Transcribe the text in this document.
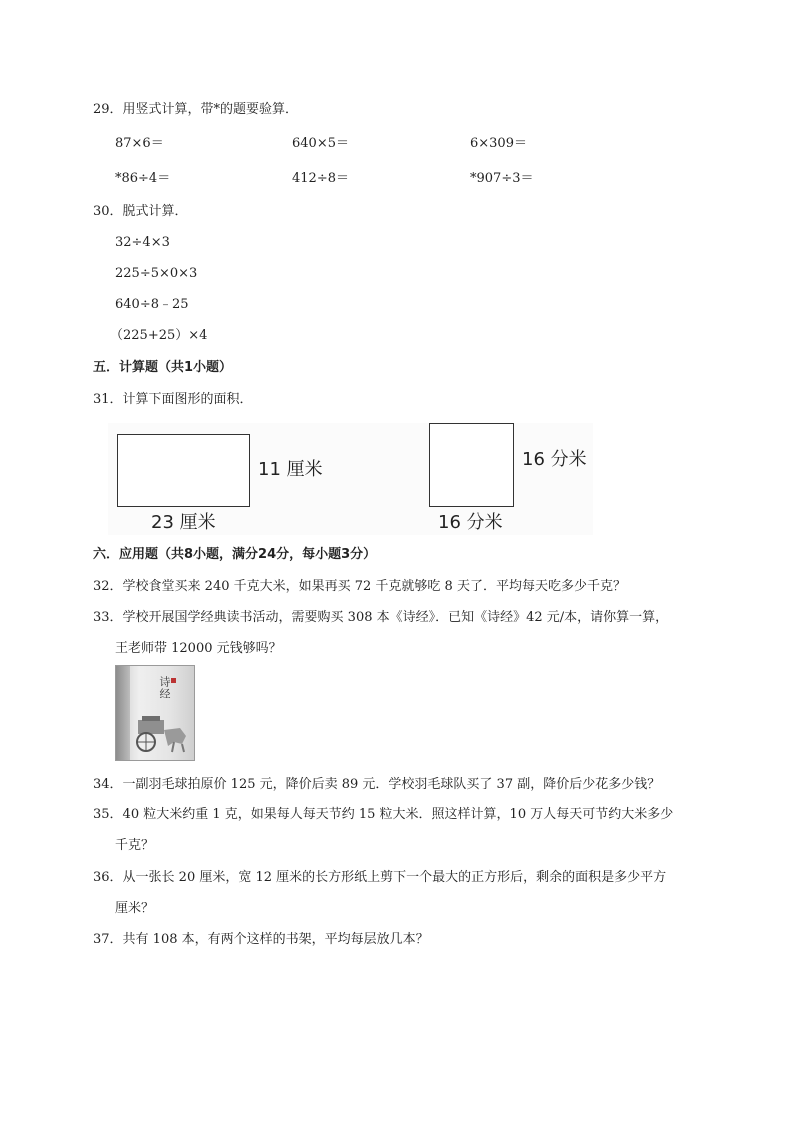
29．用竖式计算，带*的题要验算．
87×6＝	640×5＝	6×309＝
*86÷4＝	412÷8＝	*907÷3＝
30．脱式计算．
32÷4×3
225÷5×0×3
640÷8﹣25
（225+25）×4
五．计算题（共1小题）
31．计算下面图形的面积．
11 厘米
23 厘米
16 分米
16 分米
六．应用题（共8小题，满分24分，每小题3分）
32．学校食堂买来 240 千克大米，如果再买 72 千克就够吃 8 天了．平均每天吃多少千克？
33．学校开展国学经典读书活动，需要购买 308 本《诗经》．已知《诗经》42 元/本，请你算一算，
王老师带 12000 元钱够吗？
诗经
34．一副羽毛球拍原价 125 元，降价后卖 89 元．学校羽毛球队买了 37 副，降价后少花多少钱？
35．40 粒大米约重 1 克，如果每人每天节约 15 粒大米．照这样计算，10 万人每天可节约大米多少
千克？
36．从一张长 20 厘米，宽 12 厘米的长方形纸上剪下一个最大的正方形后，剩余的面积是多少平方
厘米？
37．共有 108 本，有两个这样的书架，平均每层放几本？
